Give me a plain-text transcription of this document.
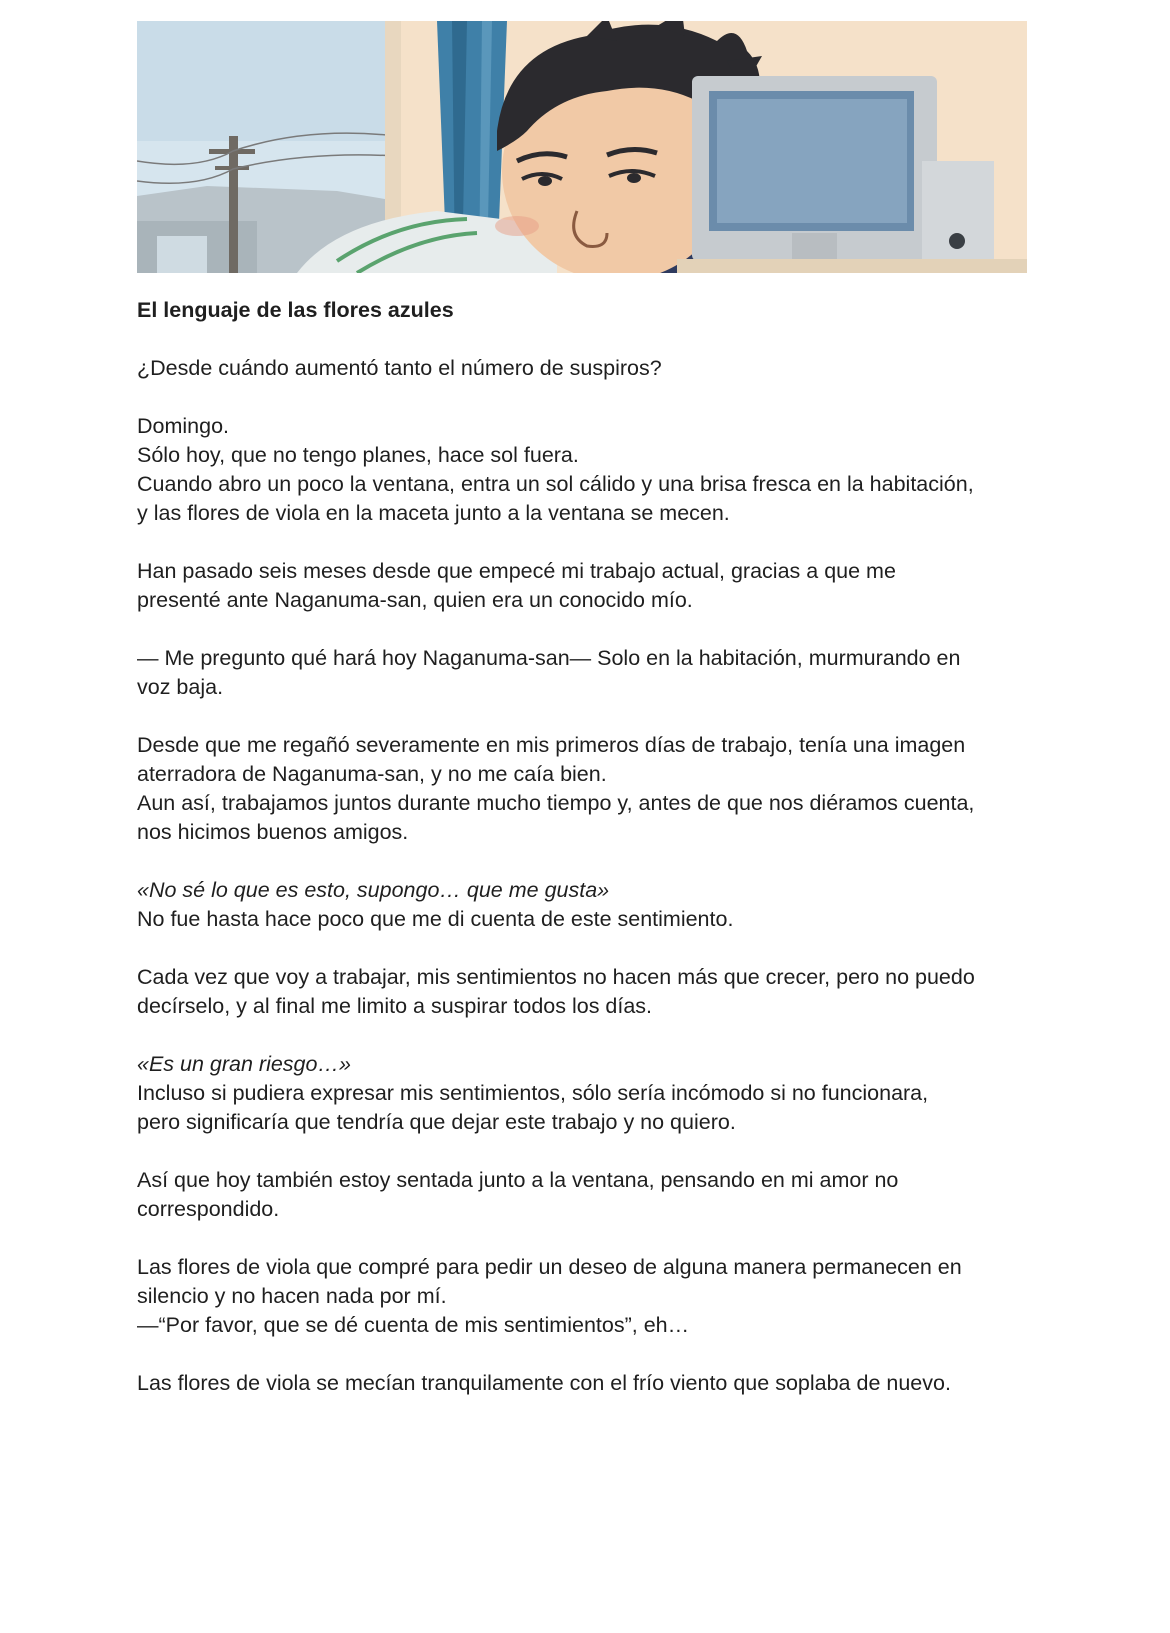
El lenguaje de las flores azules
¿Desde cuándo aumentó tanto el número de suspiros?
Domingo.
Sólo hoy, que no tengo planes, hace sol fuera.
Cuando abro un poco la ventana, entra un sol cálido y una brisa fresca en la habitación,
y las flores de viola en la maceta junto a la ventana se mecen.
Han pasado seis meses desde que empecé mi trabajo actual, gracias a que me
presenté ante Naganuma-san, quien era un conocido mío.
— Me pregunto qué hará hoy Naganuma-san— Solo en la habitación, murmurando en
voz baja.
Desde que me regañó severamente en mis primeros días de trabajo, tenía una imagen
aterradora de Naganuma-san, y no me caía bien.
Aun así, trabajamos juntos durante mucho tiempo y, antes de que nos diéramos cuenta,
nos hicimos buenos amigos.
«No sé lo que es esto, supongo… que me gusta»
No fue hasta hace poco que me di cuenta de este sentimiento.
Cada vez que voy a trabajar, mis sentimientos no hacen más que crecer, pero no puedo
decírselo, y al final me limito a suspirar todos los días.
«Es un gran riesgo…»
Incluso si pudiera expresar mis sentimientos, sólo sería incómodo si no funcionara,
pero significaría que tendría que dejar este trabajo y no quiero.
Así que hoy también estoy sentada junto a la ventana, pensando en mi amor no
correspondido.
Las flores de viola que compré para pedir un deseo de alguna manera permanecen en
silencio y no hacen nada por mí.
—“Por favor, que se dé cuenta de mis sentimientos”, eh…
Las flores de viola se mecían tranquilamente con el frío viento que soplaba de nuevo.
